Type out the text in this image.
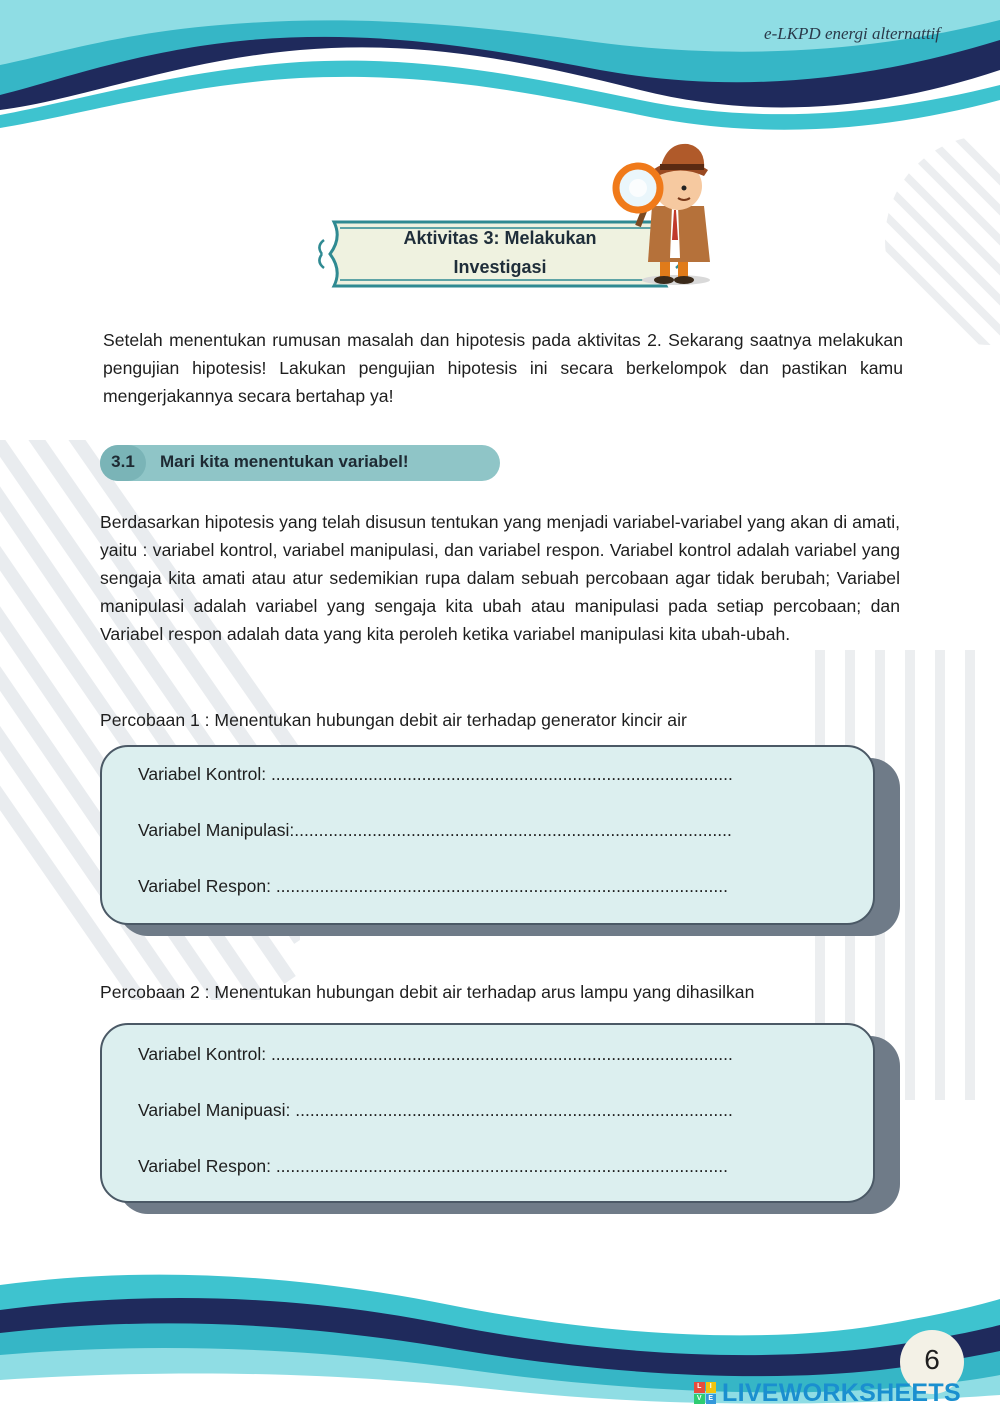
e-LKPD energi alternattif
Aktivitas 3: Melakukan
Investigasi
Setelah menentukan rumusan masalah dan hipotesis pada aktivitas 2. Sekarang saatnya melakukan pengujian hipotesis! Lakukan pengujian hipotesis ini secara berkelompok dan pastikan kamu mengerjakannya secara bertahap ya!
3.1	Mari kita menentukan variabel!
Berdasarkan hipotesis yang telah disusun tentukan yang menjadi variabel-variabel yang akan di amati, yaitu : variabel kontrol, variabel manipulasi, dan variabel respon. Variabel kontrol adalah variabel yang sengaja kita amati atau atur sedemikian rupa dalam sebuah percobaan agar tidak berubah; Variabel manipulasi adalah variabel yang sengaja kita ubah atau manipulasi pada setiap percobaan; dan Variabel respon adalah data yang kita peroleh ketika variabel manipulasi kita ubah-ubah.
Percobaan 1 : Menentukan hubungan debit air terhadap generator kincir air
Variabel Kontrol: ...............................................................................................
Variabel Manipulasi:..........................................................................................
Variabel Respon: .............................................................................................
Percobaan 2 : Menentukan hubungan debit air terhadap arus lampu yang dihasilkan
Variabel Kontrol: ...............................................................................................
Variabel Manipuasi: ..........................................................................................
Variabel Respon: .............................................................................................
6
L	I
V E LIVEWORKSHEETS
